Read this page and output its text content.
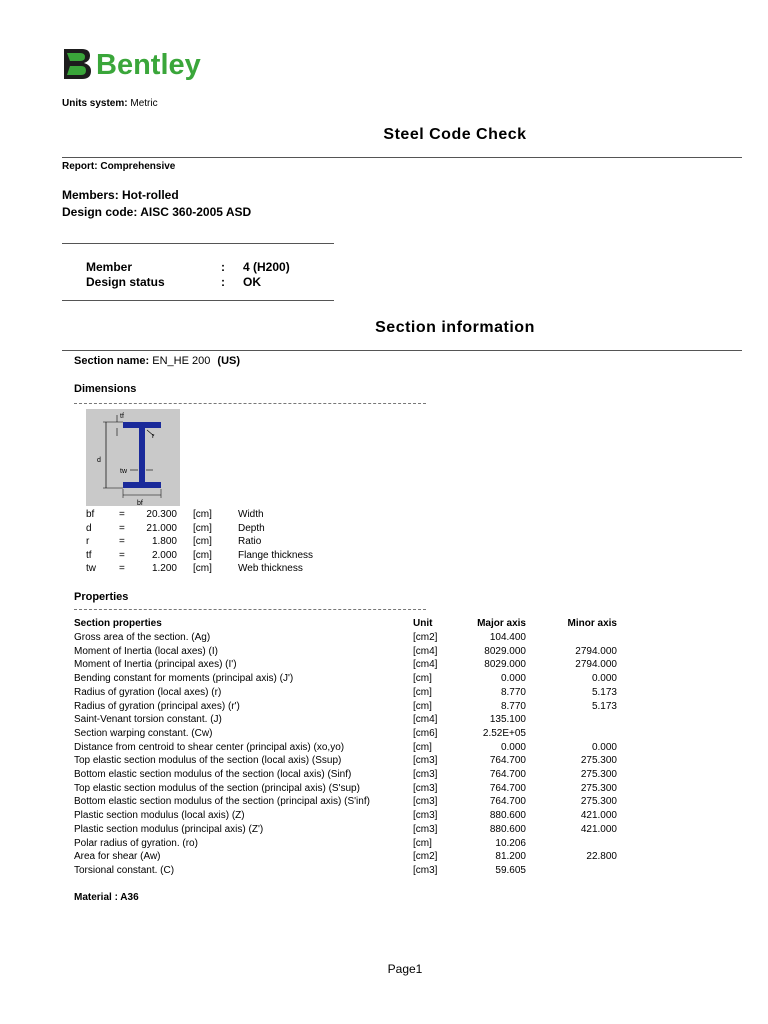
Bentley
Units system: Metric
Steel Code Check
Report: Comprehensive
Members: Hot-rolled
Design code: AISC 360-2005 ASD
Member	: 4 (H200)
Design status	: OK
Section information
Section name: EN_HE 200 (US)
Dimensions
tf
r
d
tw
bf
bf =	20.300 [cm]	Width
d	=	21.000 [cm]	Depth
r	=	1.800 [cm]	Ratio
tf	=	2.000 [cm]	Flange thickness
tw =	1.200 [cm]	Web thickness
Properties
Section properties	Unit	Major axis	Minor axis
Gross area of the section. (Ag)	[cm2]	104.400
Moment of Inertia (local axes) (I)	[cm4]	8029.000	2794.000
Moment of Inertia (principal axes) (I')	[cm4]	8029.000	2794.000
Bending constant for moments (principal axis) (J')	[cm]	0.000	0.000
Radius of gyration (local axes) (r)	[cm]	8.770	5.173
Radius of gyration (principal axes) (r')	[cm]	8.770	5.173
Saint-Venant torsion constant. (J)	[cm4]	135.100
Section warping constant. (Cw)	[cm6]	2.52E+05
Distance from centroid to shear center (principal axis) (xo,yo)	[cm]	0.000	0.000
Top elastic section modulus of the section (local axis) (Ssup)	[cm3]	764.700	275.300
Bottom elastic section modulus of the section (local axis) (Sinf)	[cm3]	764.700	275.300
Top elastic section modulus of the section (principal axis) (S'sup)	[cm3]	764.700	275.300
Bottom elastic section modulus of the section (principal axis) (S'inf)	[cm3]	764.700	275.300
Plastic section modulus (local axis) (Z)	[cm3]	880.600	421.000
Plastic section modulus (principal axis) (Z')	[cm3]	880.600	421.000
Polar radius of gyration. (ro)	[cm]	10.206
Area for shear (Aw)	[cm2]	81.200	22.800
Torsional constant. (C)	[cm3]	59.605
Material : A36
Page1
